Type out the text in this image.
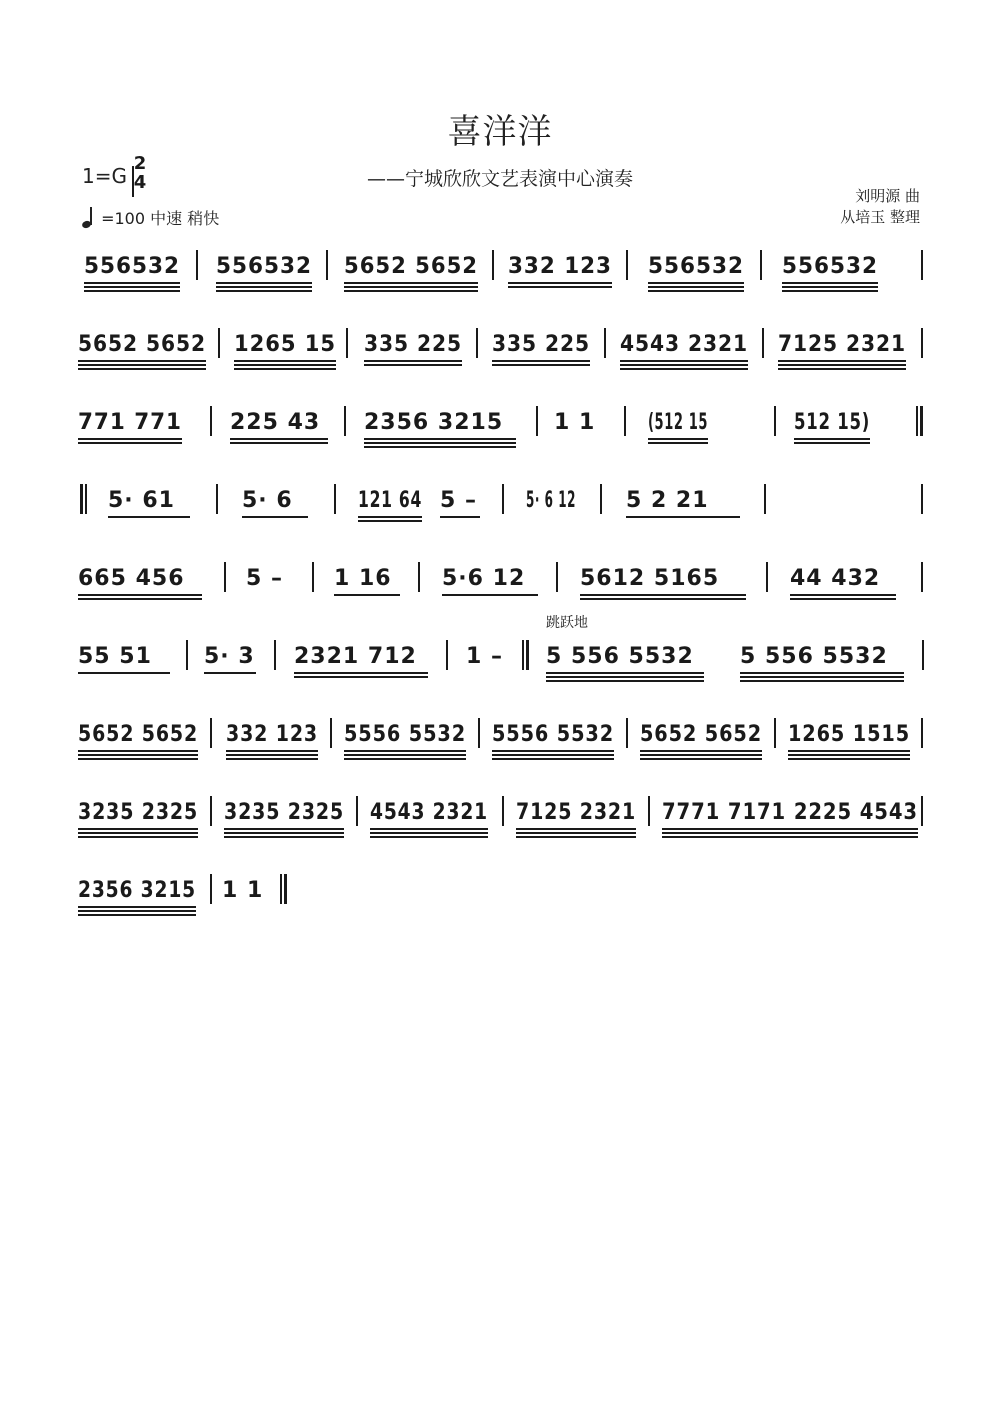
喜洋洋
1=G
2
4	——宁城欣欣文艺表演中心演奏
=100 中速 稍快
刘明源 曲
从培玉 整理
跳跃地
556532 556532 5652 5652 332 123 556532 556532
5652 5652 1265 15 335 225 335 225 4543 2321 7125 2321
771 771 225 43	2356 3215	1 1 (512 15	512 15)
5· 61	5· 6	121 64 5 – 5· 6 12 5 2 21
665 456	5 –	1 16	5·6 12	5612 5165	44 432
55 51	5· 3 2321 712	1 –	5 556 5532	5 556 5532
5652 5652 332 123 5556 5532 5556 5532 5652 5652 1265 1515
3235 2325 3235 2325 4543 2321 7125 2321 7771 7171 2225 4543
2356 3215 1 1
